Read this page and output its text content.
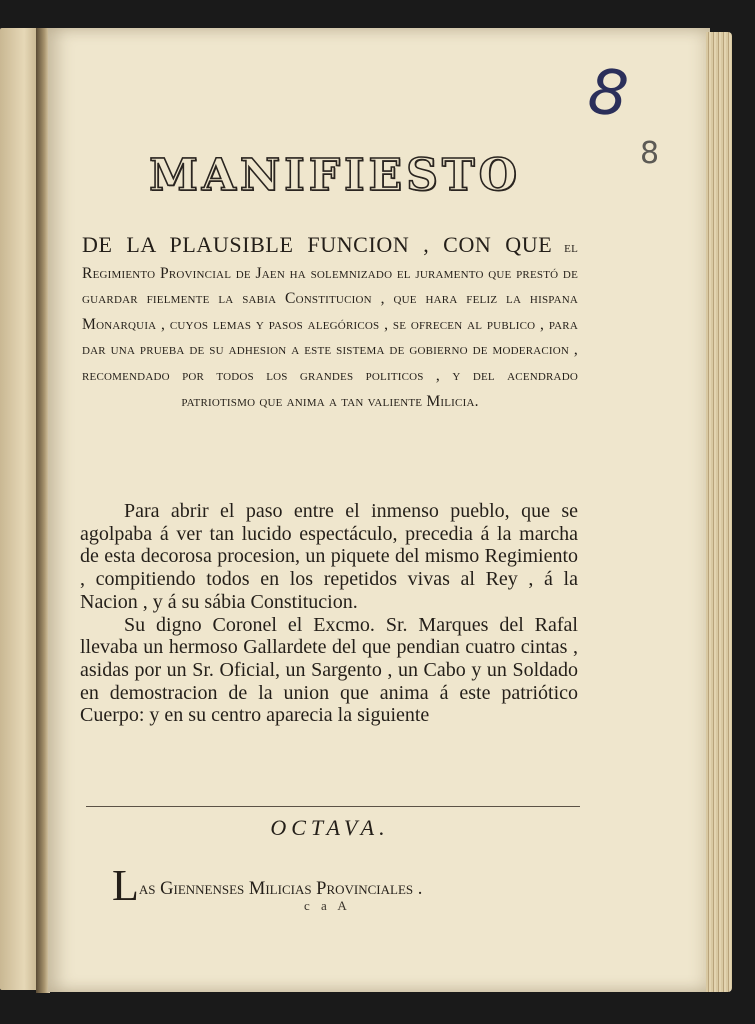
8
8
MANIFIESTO
DE LA PLAUSIBLE FUNCION , CON QUE el Regimiento Provincial de Jaen ha solemnizado el juramento que prestó de guardar fielmente la sabia Constitucion , que hara feliz la hispana Monarquia , cuyos lemas y pasos alegóricos , se ofrecen al publico , para dar una prueba de su adhesion a este sistema de gobierno de moderacion , recomendado por todos los grandes politicos , y del acendrado patriotismo que anima a tan valiente Milicia.

Para abrir el paso entre el inmenso pueblo, que se agolpaba á ver tan lucido espectáculo, precedia á la marcha de esta decorosa procesion, un piquete del mismo Regimiento , compitiendo todos en los repetidos vivas al Rey , á la Nacion , y á su sábia Constitucion.

Su digno Coronel el Excmo. Sr. Marques del Rafal llevaba un hermoso Gallardete del que pendian cuatro cintas , asidas por un Sr. Oficial, un Sargento , un Cabo y un Soldado en demostracion de la union que anima á este patriótico Cuerpo: y en su centro aparecia la siguiente

OCTAVA.
Las Giennenses Milicias Provinciales .
c a A
